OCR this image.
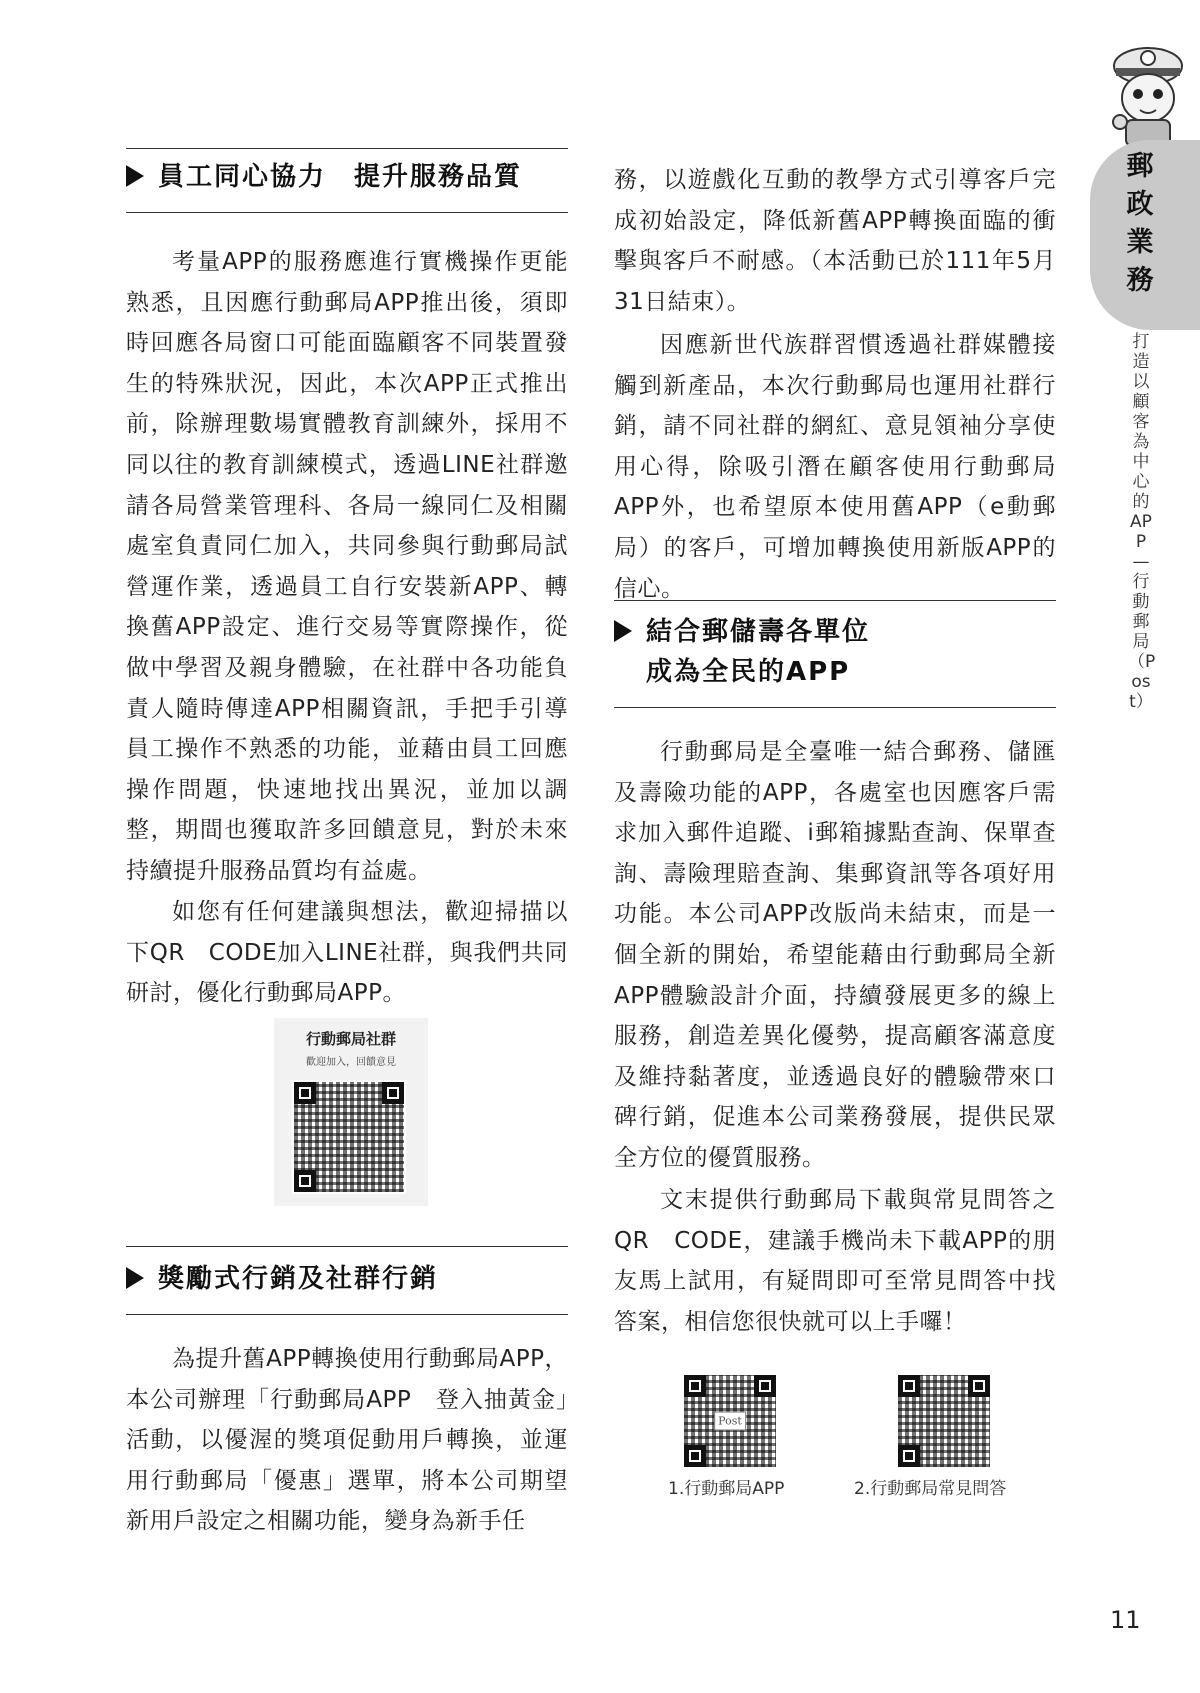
郵政業務
打造以顧客為中心的APP—行動郵局（Post）
員工同心協力　提升服務品質

考量APP的服務應進行實機操作更能熟悉，且因應行動郵局APP推出後，須即時回應各局窗口可能面臨顧客不同裝置發生的特殊狀況，因此，本次APP正式推出前，除辦理數場實體教育訓練外，採用不同以往的教育訓練模式，透過LINE社群邀請各局營業管理科、各局一線同仁及相關處室負責同仁加入，共同參與行動郵局試營運作業，透過員工自行安裝新APP、轉換舊APP設定、進行交易等實際操作，從做中學習及親身體驗，在社群中各功能負責人隨時傳達APP相關資訊，手把手引導員工操作不熟悉的功能，並藉由員工回應操作問題，快速地找出異況，並加以調整，期間也獲取許多回饋意見，對於未來持續提升服務品質均有益處。

如您有任何建議與想法，歡迎掃描以下QR　CODE加入LINE社群，與我們共同研討，優化行動郵局APP。

行動郵局社群
歡迎加入，回饋意見
獎勵式行銷及社群行銷

為提升舊APP轉換使用行動郵局APP，本公司辦理「行動郵局APP　登入抽黃金」活動，以優渥的獎項促動用戶轉換，並運用行動郵局「優惠」選單，將本公司期望新用戶設定之相關功能，變身為新手任

務，以遊戲化互動的教學方式引導客戶完成初始設定，降低新舊APP轉換面臨的衝擊與客戶不耐感。（本活動已於111年5月31日結束）。

因應新世代族群習慣透過社群媒體接觸到新產品，本次行動郵局也運用社群行銷，請不同社群的網紅、意見領袖分享使用心得，除吸引潛在顧客使用行動郵局APP外，也希望原本使用舊APP（e動郵局）的客戶，可增加轉換使用新版APP的信心。

結合郵儲壽各單位
成為全民的APP

行動郵局是全臺唯一結合郵務、儲匯及壽險功能的APP，各處室也因應客戶需求加入郵件追蹤、i郵箱據點查詢、保單查詢、壽險理賠查詢、集郵資訊等各項好用功能。本公司APP改版尚未結束，而是一個全新的開始，希望能藉由行動郵局全新APP體驗設計介面，持續發展更多的線上服務，創造差異化優勢，提高顧客滿意度及維持黏著度，並透過良好的體驗帶來口碑行銷，促進本公司業務發展，提供民眾全方位的優質服務。

文末提供行動郵局下載與常見問答之QR　CODE，建議手機尚未下載APP的朋友馬上試用，有疑問即可至常見問答中找答案，相信您很快就可以上手囉！

Post
1.行動郵局APP	2.行動郵局常見問答
11
